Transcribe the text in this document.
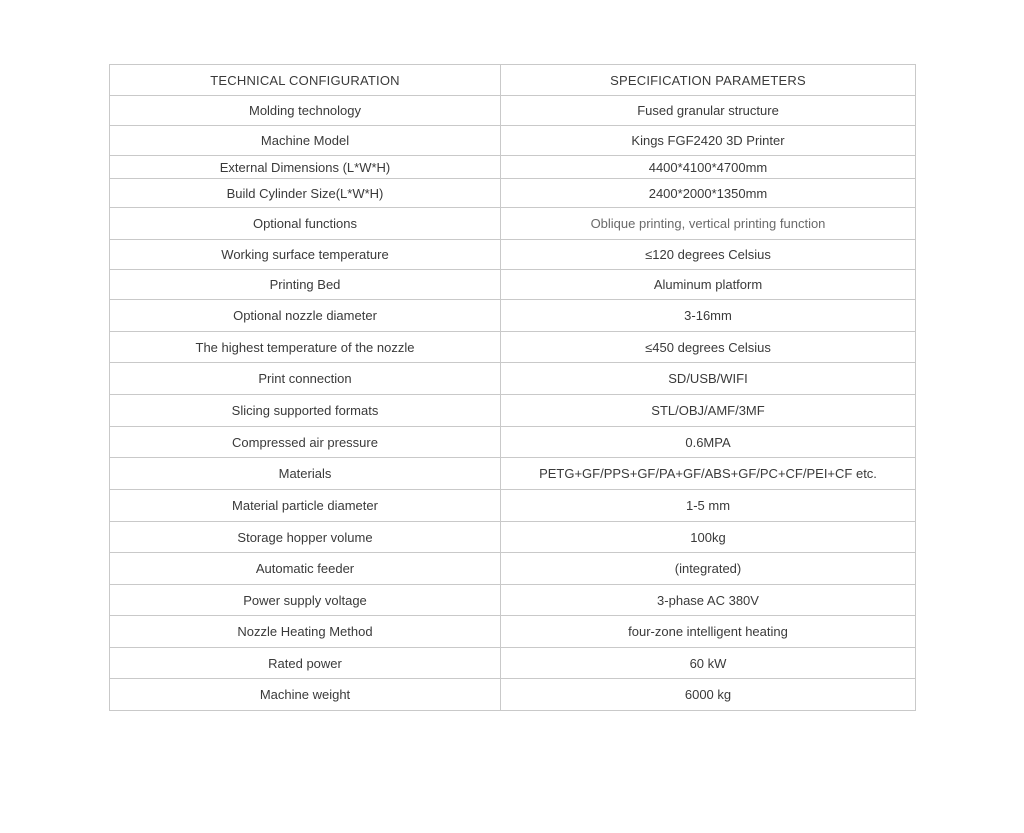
TECHNICAL CONFIGURATION	SPECIFICATION PARAMETERS
Molding technology	Fused granular structure
Machine Model	Kings FGF2420 3D Printer
External Dimensions (L*W*H)	4400*4100*4700mm
Build Cylinder Size(L*W*H)	2400*2000*1350mm
Optional functions	Oblique printing, vertical printing function
Working surface temperature	≤120 degrees Celsius
Printing Bed	Aluminum platform
Optional nozzle diameter	3-16mm
The highest temperature of the nozzle	≤450 degrees Celsius
Print connection	SD/USB/WIFI
Slicing supported formats	STL/OBJ/AMF/3MF
Compressed air pressure	0.6MPA
Materials	PETG+GF/PPS+GF/PA+GF/ABS+GF/PC+CF/PEI+CF etc.
Material particle diameter	1-5 mm
Storage hopper volume	100kg
Automatic feeder	(integrated)
Power supply voltage	3-phase AC 380V
Nozzle Heating Method	four-zone intelligent heating
Rated power	60 kW
Machine weight	6000 kg
